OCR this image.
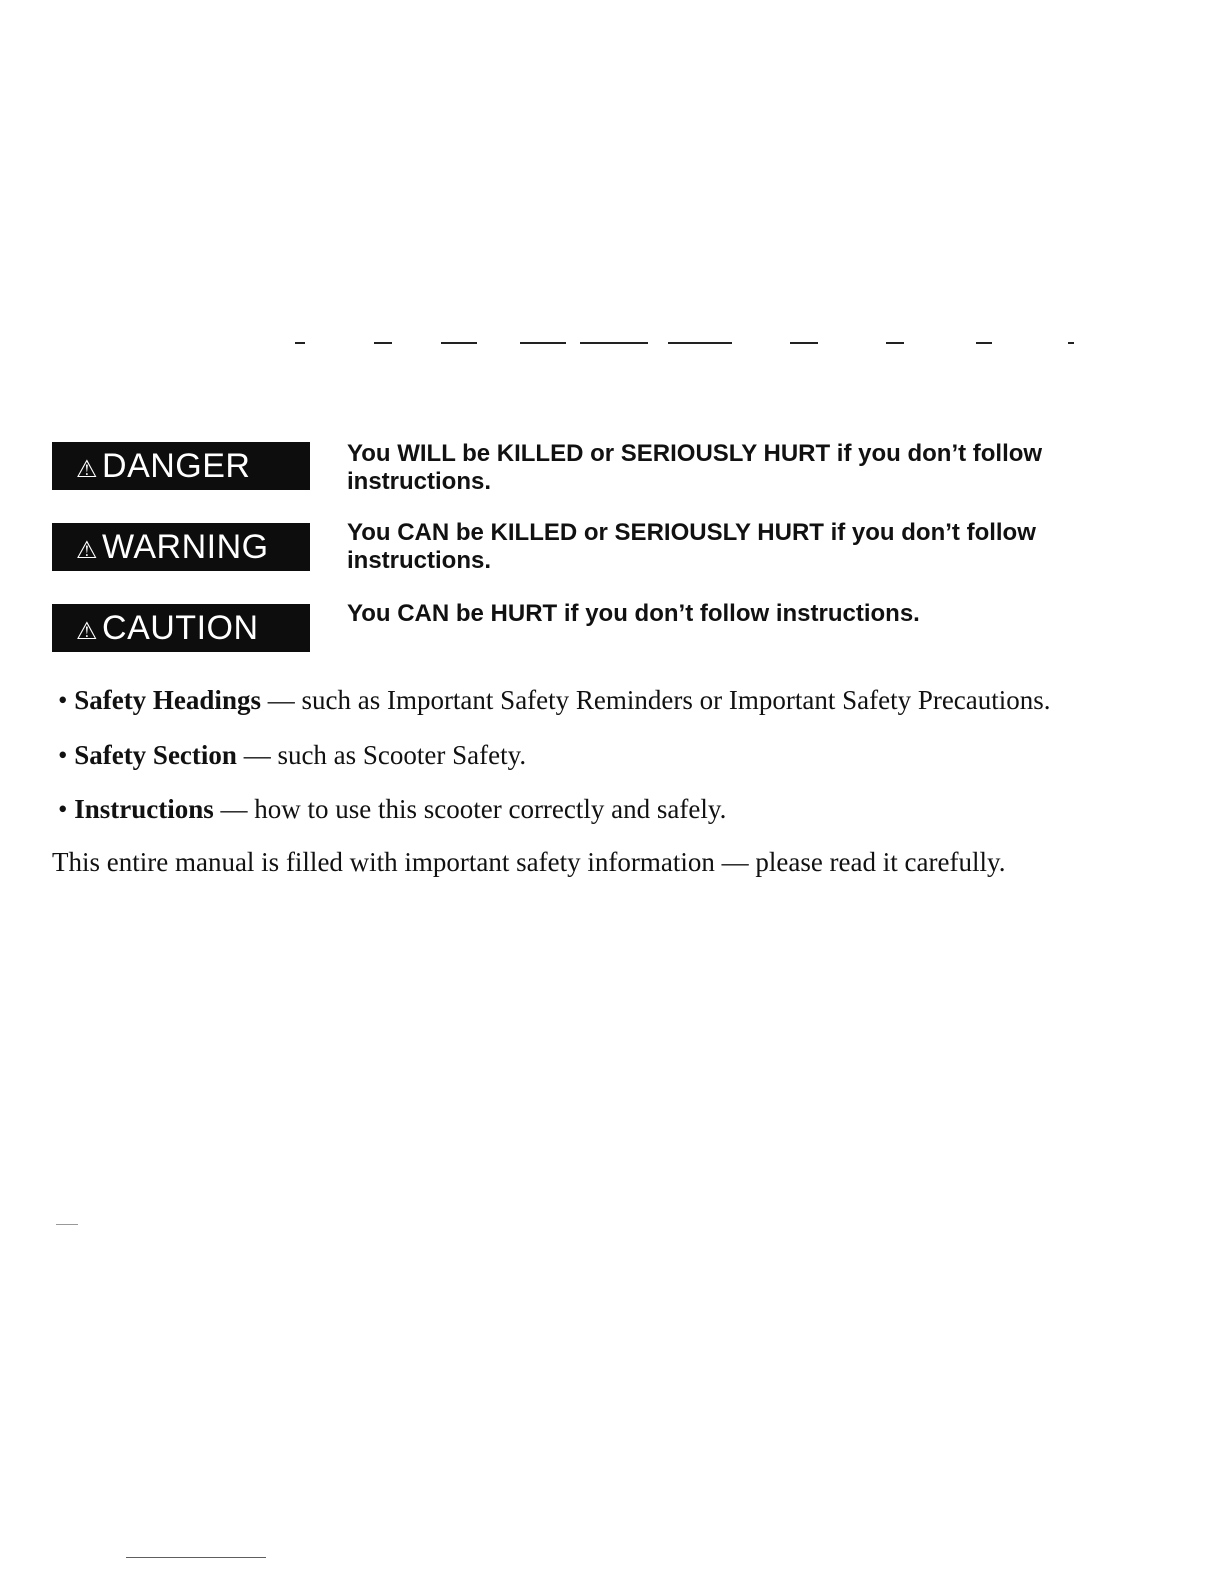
⚠ DANGER	You WILL be KILLED or SERIOUSLY HURT if you don’t follow instructions.
⚠ WARNING	You CAN be KILLED or SERIOUSLY HURT if you don’t follow instructions.
⚠ CAUTION	You CAN be HURT if you don’t follow instructions.
• Safety Headings — such as Important Safety Reminders or Important Safety Precautions.
• Safety Section — such as Scooter Safety.
• Instructions — how to use this scooter correctly and safely.
This entire manual is filled with important safety information — please read it carefully.
